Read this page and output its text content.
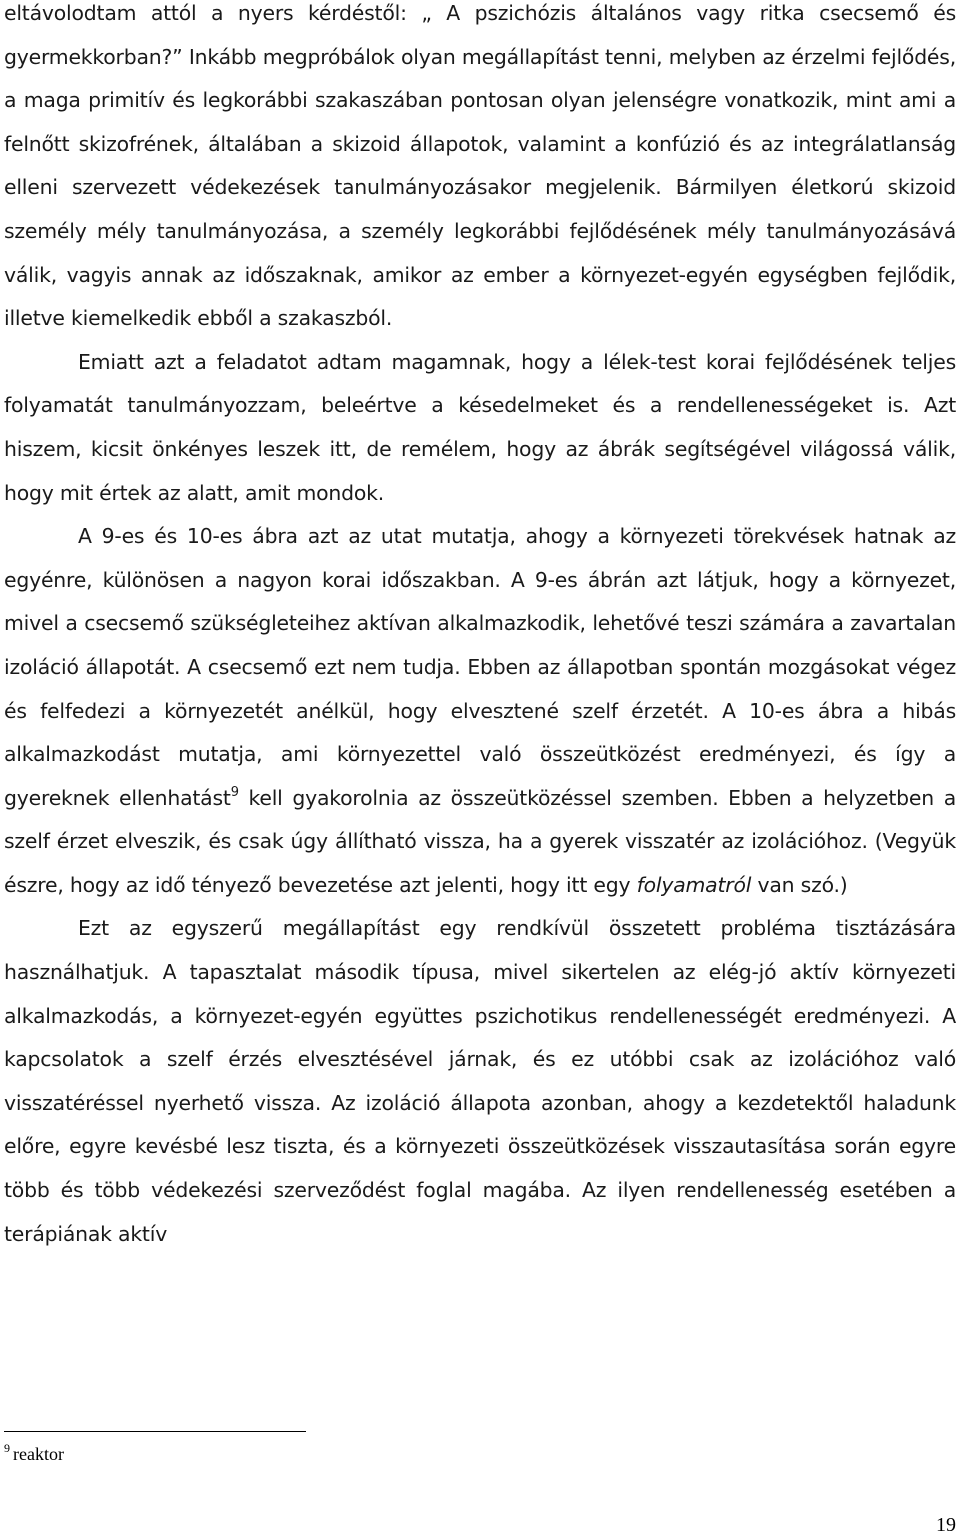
eltávolodtam attól a nyers kérdéstől: „ A pszichózis általános vagy ritka csecsemő és gyermekkorban?” Inkább megpróbálok olyan megállapítást tenni, melyben az érzelmi fejlődés, a maga primitív és legkorábbi szakaszában pontosan olyan jelenségre vonatkozik, mint ami a felnőtt skizofrének, általában a skizoid állapotok, valamint a konfúzió és az integrálatlanság elleni szervezett védekezések tanulmányozásakor megjelenik. Bármilyen életkorú skizoid személy mély tanulmányozása, a személy legkorábbi fejlődésének mély tanulmányozásává válik, vagyis annak az időszaknak, amikor az ember a környezet-egyén egységben fejlődik, illetve kiemelkedik ebből a szakaszból.

Emiatt azt a feladatot adtam magamnak, hogy a lélek-test korai fejlődésének teljes folyamatát tanulmányozzam, beleértve a késedelmeket és a rendellenességeket is. Azt hiszem, kicsit önkényes leszek itt, de remélem, hogy az ábrák segítségével világossá válik, hogy mit értek az alatt, amit mondok.

A 9-es és 10-es ábra azt az utat mutatja, ahogy a környezeti törekvések hatnak az egyénre, különösen a nagyon korai időszakban. A 9-es ábrán azt látjuk, hogy a környezet, mivel a csecsemő szükségleteihez aktívan alkalmazkodik, lehetővé teszi számára a zavartalan izoláció állapotát. A csecsemő ezt nem tudja. Ebben az állapotban spontán mozgásokat végez és felfedezi a környezetét anélkül, hogy elvesztené szelf érzetét. A 10-es ábra a hibás alkalmazkodást mutatja, ami környezettel való összeütközést eredményezi, és így a gyereknek ellenhatást$^9$ kell gyakorolnia az összeütközéssel szemben. Ebben a helyzetben a szelf érzet elveszik, és csak úgy állítható vissza, ha a gyerek visszatér az izolációhoz. (Vegyük észre, hogy az idő tényező bevezetése azt jelenti, hogy itt egy folyamatról van szó.)

Ezt az egyszerű megállapítást egy rendkívül összetett probléma tisztázására használhatjuk. A tapasztalat második típusa, mivel sikertelen az elég-jó aktív környezeti alkalmazkodás, a környezet-egyén együttes pszichotikus rendellenességét eredményezi. A kapcsolatok a szelf érzés elvesztésével járnak, és ez utóbbi csak az izolációhoz való visszatéréssel nyerhető vissza. Az izoláció állapota azonban, ahogy a kezdetektől haladunk előre, egyre kevésbé lesz tiszta, és a környezeti összeütközések visszautasítása során egyre több és több védekezési szerveződést foglal magába. Az ilyen rendellenesség esetében a terápiának aktív

$^9$ reaktor
19
